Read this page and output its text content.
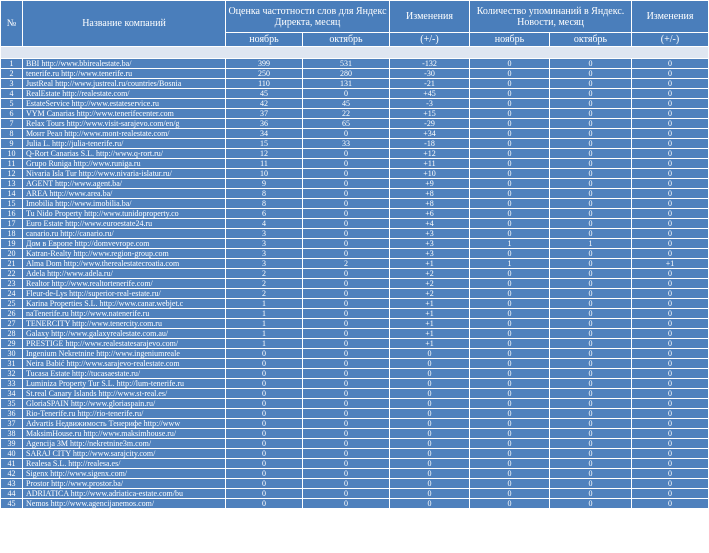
№	Название компаний	Оценка частотности слов для Яндекс Директа, месяц		Изменения	Количество упоминаний в Яндекс. Новости, месяц		Изменения
		ноябрь	октябрь	(+/-)	ноябрь	октябрь	(+/-)

1	BBI http://www.bbirealestate.ba/	399	531	-132	0	0	0
2	tenerife.ru http://www.tenerife.ru	250	280	-30	0	0	0
3	JustReal http://www.justreal.ru/countries/Bosnia	110	131	-21	0	0	0
4	RealEstate http://realestate.com/	45	0	+45	0	0	0
5	EstateService http://www.estateservice.ru	42	45	-3	0	0	0
6	VYM Canarias http://www.tenerifecenter.com	37	22	+15	0	0	0
7	Relax Tours http://www.visit-sarajevo.com/en/g	36	65	-29	0	0	0
8	Монт Реал http://www.mont-realestate.com/	34	0	+34	0	0	0
9	Julia L. http://julia-tenerife.ru/	15	33	-18	0	0	0
10	Q-Rort Canarias S.L. http://www.q-rort.ru/	12	0	+12	0	0	0
11	Grupo Runiga http://www.runiga.ru	11	0	+11	0	0	0
12	Nivaria Isla Tur http://www.nivaria-islatur.ru/	10	0	+10	0	0	0
13	AGENT http://www.agent.ba/	9	0	+9	0	0	0
14	AREA http://www.area.ba/	8	0	+8	0	0	0
15	Imobilia http://www.imobilia.ba/	8	0	+8	0	0	0
16	Tu Nido Property http://www.tunidoproperty.co	6	0	+6	0	0	0
17	Euro Estate http://www.euroestate24.ru	4	0	+4	0	0	0
18	canario.ru http://canario.ru/	3	0	+3	0	0	0
19	Дом в Европе http://domvevrope.com	3	0	+3	1	1	0
20	Katran-Realty http://www.region-group.com	3	0	+3	0	0	0
21	Alma Dom http://www.therealestatecroatia.com	3	2	+1	1	0	+1
22	Adela http://www.adela.ru/	2	0	+2	0	0	0
23	Realtor http://www.realtortenerife.com/	2	0	+2	0	0	0
24	Fleur-de-Lys http://superior-real-estate.ru/	2	0	+2	0	0	0
25	Karina Properties S.L. http://www.canar.webjet.c	1	0	+1	0	0	0
26	naTenerife.ru http://www.natenerife.ru	1	0	+1	0	0	0
27	TENERCITY http://www.tenercity.com.ru	1	0	+1	0	0	0
28	Galaxy http://www.galaxyrealestate.com.au/	1	0	+1	0	0	0
29	PRESTIGE http://www.realestatesarajevo.com/	1	0	+1	0	0	0
30	Ingenium Nekretnine http://www.ingeniumreale	0	0	0	0	0	0
31	Neira Babić http://www.sarajevo-realestate.com	0	0	0	0	0	0
32	Tucasa Estate http://tucasaestate.ru/	0	0	0	0	0	0
33	Luminiza Property Tur S.L. http://lum-tenerife.ru	0	0	0	0	0	0
34	St.real Canary Islands http://www.st-real.es/	0	0	0	0	0	0
35	GloriaSPAIN http://www.gloriaspain.ru/	0	0	0	0	0	0
36	Rio-Tenerife.ru http://rio-tenerife.ru/	0	0	0	0	0	0
37	Advartis Недвижимость Тенерифе http://www	0	0	0	0	0	0
38	MaksimHouse.ru http://www.maksimhouse.ru/	0	0	0	0	0	0
39	Agencija 3M http://nekretnine3m.com/	0	0	0	0	0	0
40	SARAJ CITY http://www.sarajcity.com/	0	0	0	0	0	0
41	Realesa S.L. http://realesa.es/	0	0	0	0	0	0
42	Sigenx http://www.sigenx.com/	0	0	0	0	0	0
43	Prostor http://www.prostor.ba/	0	0	0	0	0	0
44	ADRIATICA http://www.adriatica-estate.com/bu	0	0	0	0	0	0
45	Nemos http://www.agencijanemos.com/	0	0	0	0	0	0
